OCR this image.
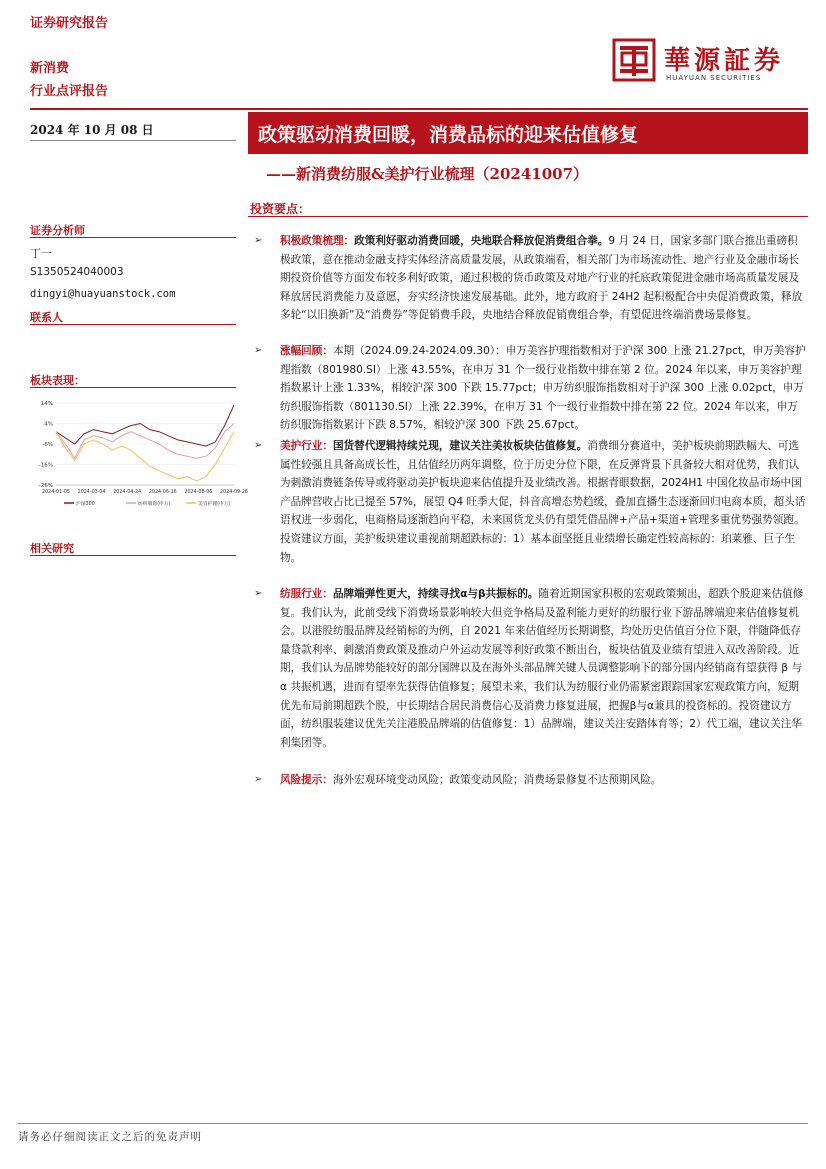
证券研究报告
新消费
行业点评报告
華源証券
HUAYUAN SECURITIES
2024 年 10 月 08 日	政策驱动消费回暖，消费品标的迎来估值修复
——新消费纺服&美护行业梳理（20241007）
投资要点：
证券分析师
丁一
S1350524040003
dingyi@huayuanstock.com
联系人
板块表现：
14%
4%
-6%
-16%
-26%
2024-01-05 2024-03-04 2024-04-24 2024-06-16 2024-08-06 2024-09-26
沪深300	纺织服饰(申万)	美容护理(申万)
相关研究
➢ 积极政策梳理：政策利好驱动消费回暖，央地联合释放促消费组合拳。9 月 24 日，国家多部门联合推出重磅积极政策，意在推动金融支持实体经济高质量发展，从政策端看，相关部门为市场流动性、地产行业及金融市场长期投资价值等方面发布较多利好政策，通过积极的货币政策及对地产行业的托底政策促进金融市场高质量发展及释放居民消费能力及意愿，夯实经济快速发展基础。此外，地方政府于 24H2 起积极配合中央促消费政策，释放多轮“以旧换新”及“消费券”等促销费手段，央地结合释放促销费组合拳，有望促进终端消费场景修复。
➢ 涨幅回顾：本期（2024.09.24-2024.09.30）：申万美容护理指数相对于沪深 300 上涨 21.27pct，申万美容护理指数（801980.SI）上涨 43.55%，在申万 31 个一级行业指数中排在第 2 位。2024 年以来，申万美容护理指数累计上涨 1.33%，相较沪深 300 下跌 15.77pct；申万纺织服饰指数相对于沪深 300 上涨 0.02pct，申万纺织服饰指数（801130.SI）上涨 22.39%，在申万 31 个一级行业指数中排在第 22 位。2024 年以来，申万纺织服饰指数累计下跌 8.57%，相较沪深 300 下跌 25.67pct。
➢ 美护行业：国货替代逻辑持续兑现，建议关注美妆板块估值修复。消费细分赛道中，美护板块前期跌幅大、可选属性较强且具备高成长性，且估值经历两年调整，位于历史分位下限，在反弹背景下具备较大相对优势，我们认为刺激消费链条传导或将驱动美护板块迎来估值提升及业绩改善。根据青眼数据，2024H1 中国化妆品市场中国产品牌营收占比已提至 57%，展望 Q4 旺季大促，抖音高增态势趋缓，叠加直播生态逐渐回归电商本质，超头话语权进一步弱化，电商格局逐渐趋向平稳，未来国货龙头仍有望凭借品牌+产品+渠道+管理多重优势强势领跑。投资建议方面，美护板块建议重视前期超跌标的：1）基本面坚挺且业绩增长确定性较高标的：珀莱雅、巨子生物。
➢ 纺服行业：品牌端弹性更大，持续寻找α与β共振标的。随着近期国家积极的宏观政策频出，超跌个股迎来估值修复。我们认为，此前受线下消费场景影响较大但竞争格局及盈利能力更好的纺服行业下游品牌端迎来估值修复机会。以港股纺服品牌及经销标的为例，自 2021 年来估值经历长期调整，均处历史估值百分位下限，伴随降低存量贷款利率、刺激消费政策及推动户外运动发展等利好政策不断出台，板块估值及业绩有望进入双改善阶段。近期，我们认为品牌势能较好的部分国牌以及在海外头部品牌关键人员调整影响下的部分国内经销商有望获得 β 与 α 共振机遇，进而有望率先获得估值修复；展望未来，我们认为纺服行业仍需紧密跟踪国家宏观政策方向，短期优先布局前期超跌个股，中长期结合居民消费信心及消费力修复进展，把握β与α兼具的投资标的。投资建议方面，纺织服装建议优先关注港股品牌端的估值修复：1）品牌端，建议关注安踏体育等；2）代工端，建议关注华利集团等。
➢ 风险提示：海外宏观环境变动风险；政策变动风险；消费场景修复不达预期风险。
请务必仔细阅读正文之后的免责声明
